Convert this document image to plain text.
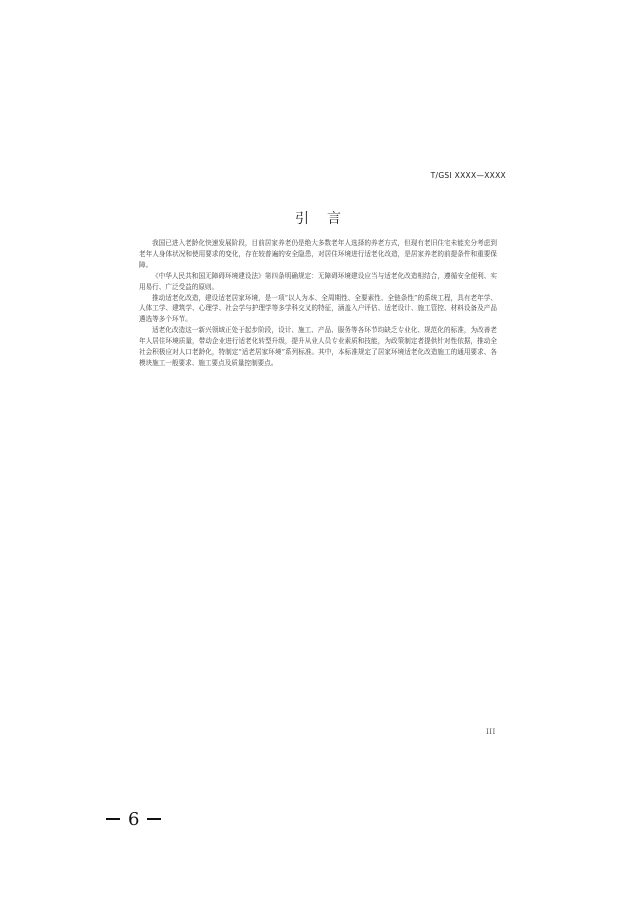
T/GSI XXXX—XXXX
引言

我国已进入老龄化快速发展阶段，目前居家养老仍是绝大多数老年人选择的养老方式，但现有老旧住宅未能充分考虑到老年人身体状况和使用要求的变化，存在较普遍的安全隐患，对居住环境进行适老化改造，是居家养老的前提条件和重要保障。

《中华人民共和国无障碍环境建设法》第四条明确规定：无障碍环境建设应当与适老化改造相结合，遵循安全便利、实用易行、广泛受益的原则。

推动适老化改造，建设适老居家环境，是一项“以人为本、全周期性、全要素性、全链条性”的系统工程，具有老年学、人体工学、建筑学、心理学、社会学与护理学等多学科交叉的特征，涵盖入户评估、适老设计、施工管控、材料设备及产品遴选等多个环节。

适老化改造这一新兴领域正处于起步阶段，设计、施工、产品、服务等各环节均缺乏专业化、规范化的标准，为改善老年人居住环境质量，带动企业进行适老化转型升级，提升从业人员专业素质和技能，为政策制定者提供针对性依据，推动全社会积极应对人口老龄化，特制定“适老居家环境”系列标准。其中，本标准规定了居家环境适老化改造施工的通用要求、各模块施工一般要求、施工要点及质量控制要点。

III
6
